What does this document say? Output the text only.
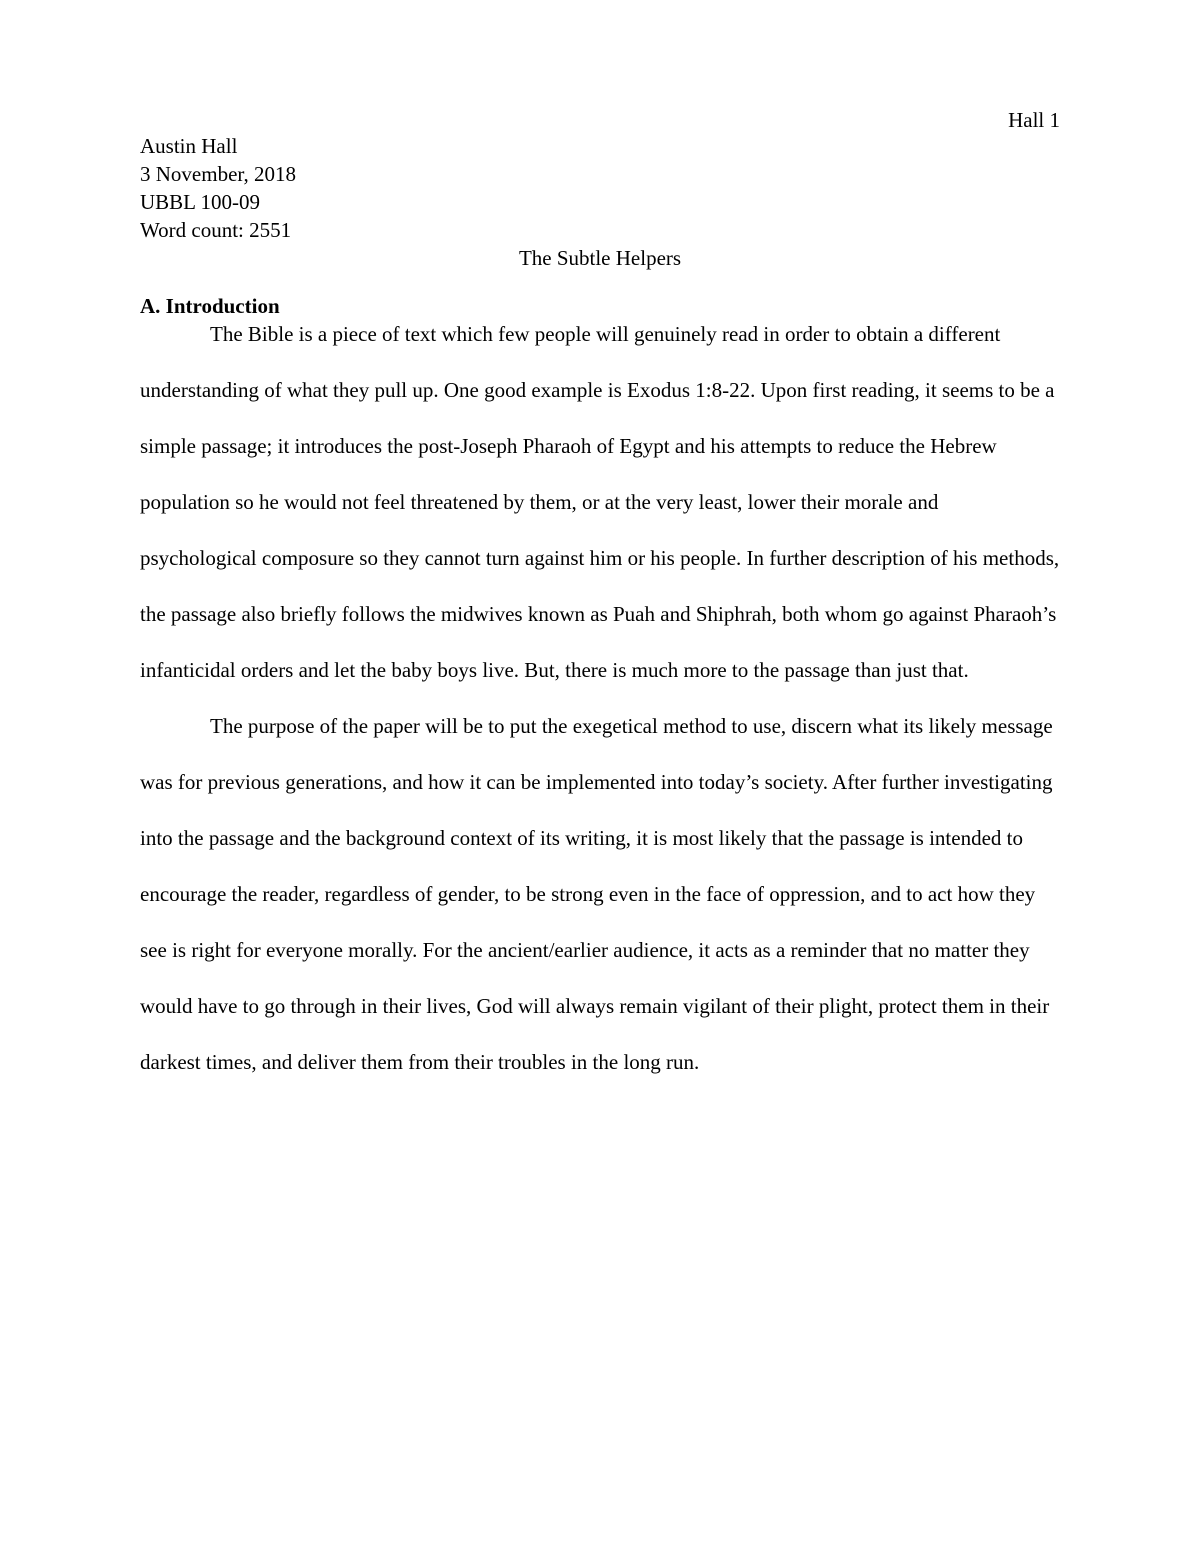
Hall 1
Austin Hall
3 November, 2018
UBBL 100-09
Word count: 2551
The Subtle Helpers
A. Introduction

The Bible is a piece of text which few people will genuinely read in order to obtain a different understanding of what they pull up. One good example is Exodus 1:8-22. Upon first reading, it seems to be a simple passage; it introduces the post-Joseph Pharaoh of Egypt and his attempts to reduce the Hebrew population so he would not feel threatened by them, or at the very least, lower their morale and psychological composure so they cannot turn against him or his people. In further description of his methods, the passage also briefly follows the midwives known as Puah and Shiphrah, both whom go against Pharaoh’s infanticidal orders and let the baby boys live. But, there is much more to the passage than just that.

The purpose of the paper will be to put the exegetical method to use, discern what its likely message was for previous generations, and how it can be implemented into today’s society. After further investigating into the passage and the background context of its writing, it is most likely that the passage is intended to encourage the reader, regardless of gender, to be strong even in the face of oppression, and to act how they see is right for everyone morally. For the ancient/earlier audience, it acts as a reminder that no matter they would have to go through in their lives, God will always remain vigilant of their plight, protect them in their darkest times, and deliver them from their troubles in the long run.
